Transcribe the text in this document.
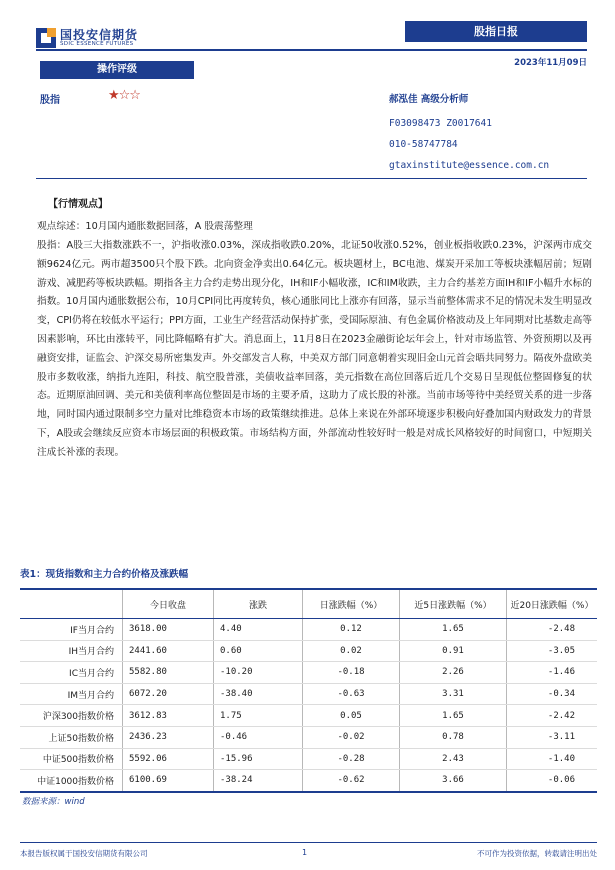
国投安信期货
SDIC ESSENCE FUTURES
股指日报
2023年11月09日
操作评级
股指	★☆☆	郝泓佳 高级分析师
F03098473 Z0017641
010-58747784
gtaxinstitute@essence.com.cn
【行情观点】
观点综述：10月国内通胀数据回落，A 股震荡整理
股指：A股三大指数涨跌不一，沪指收涨0.03%，深成指收跌0.20%，北证50收涨0.52%，创业板指收跌0.23%，沪深两市成交额9624亿元。两市超3500只个股下跌。北向资金净卖出0.64亿元。板块题材上，BC电池、煤炭开采加工等板块涨幅居前；短剧游戏、减肥药等板块跌幅。期指各主力合约走势出现分化，IH和IF小幅收涨，IC和IM收跌，主力合约基差方面IH和IF小幅升水标的指数。10月国内通胀数据公布，10月CPI同比再度转负，核心通胀同比上涨亦有回落，显示当前整体需求不足的情况未发生明显改变，CPI仍将在较低水平运行；PPI方面，工业生产经营活动保持扩张，受国际原油、有色金属价格波动及上年同期对比基数走高等因素影响，环比由涨转平，同比降幅略有扩大。消息面上，11月8日在2023金融街论坛年会上，针对市场监管、外资预期以及再融资安排，证监会、沪深交易所密集发声。外交部发言人称，中美双方部门同意朝着实现旧金山元首会晤共同努力。隔夜外盘欧美股市多数收涨，纳指九连阳，科技、航空股普涨，美债收益率回落，美元指数在高位回落后近几个交易日呈现低位整固修复的状态。近期原油回调、美元和美债利率高位整固是市场的主要矛盾，这助力了成长股的补涨。当前市场等待中美经贸关系的进一步落地，同时国内通过限制多空力量对比维稳资本市场的政策继续推进。总体上来说在外部环境逐步积极向好叠加国内财政发力的背景下，A股或会继续反应资本市场层面的积极政策。市场结构方面，外部流动性较好时一般是对成长风格较好的时间窗口，中短期关注成长补涨的表现。
表1：现货指数和主力合约价格及涨跌幅
	今日收盘	涨跌	日涨跌幅（%）	近5日涨跌幅（%）	近20日涨跌幅（%）
IF当月合约	3618.00	4.40	0.12	1.65	-2.48
IH当月合约	2441.60	0.60	0.02	0.91	-3.05
IC当月合约	5582.80	-10.20	-0.18	2.26	-1.46
IM当月合约	6072.20	-38.40	-0.63	3.31	-0.34
沪深300指数价格	3612.83	1.75	0.05	1.65	-2.42
上证50指数价格	2436.23	-0.46	-0.02	0.78	-3.11
中证500指数价格	5592.06	-15.96	-0.28	2.43	-1.40
中证1000指数价格	6100.69	-38.24	-0.62	3.66	-0.06
数据来源：wind
本报告版权属于国投安信期货有限公司	1	不可作为投资依据，转载请注明出处
